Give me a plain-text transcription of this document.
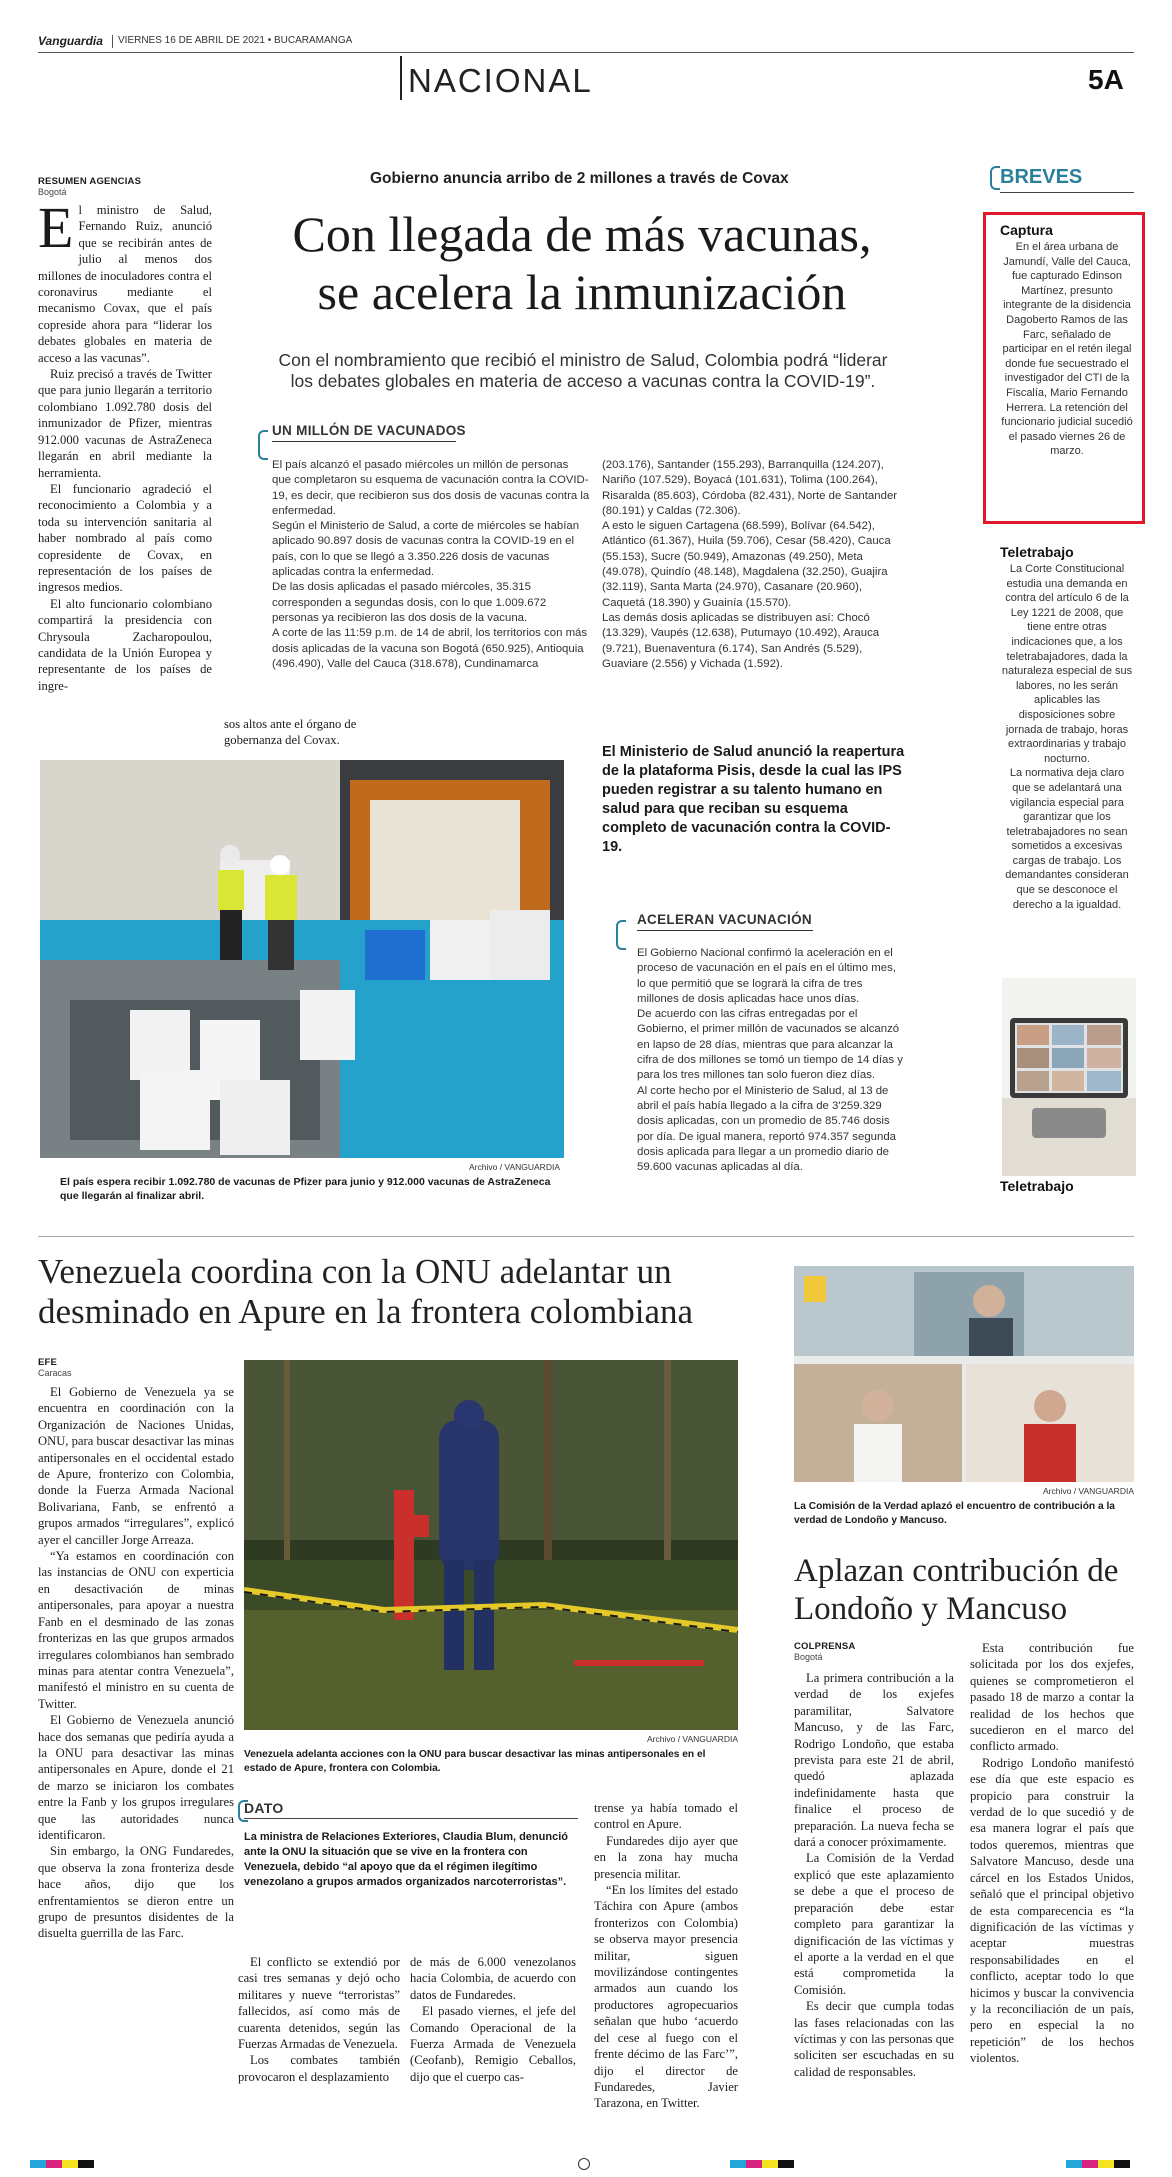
Vanguardia VIERNES 16 DE ABRIL DE 2021 • BUCARAMANGA
NACIONAL	5A
RESUMEN AGENCIAS
Bogotá
Gobierno anuncia arribo de 2 millones a través de Covax
Con llegada de más vacunas,
se acelera la inmunización
Con el nombramiento que recibió el ministro de Salud, Colombia podrá “liderar los debates globales en materia de acceso a vacunas contra la COVID-19”.
E l ministro de Salud, Fernando Ruiz, anunció que se recibirán antes de julio al menos dos millones de inoculadores contra el coronavirus mediante el mecanismo Covax, que el país copreside ahora para “liderar los debates globales en materia de acceso a las vacunas”.

Ruiz precisó a través de Twitter que para junio llegarán a territorio colombiano 1.092.780 dosis del inmunizador de Pfizer, mientras 912.000 vacunas de AstraZeneca llegarán en abril mediante la herramienta.

El funcionario agradeció el reconocimiento a Colombia y a toda su intervención sanitaria al haber nombrado al país como copresidente de Covax, en representación de los países de ingresos medios.

El alto funcionario colombiano compartirá la presidencia con Chrysoula Zacharopoulou, candidata de la Unión Europea y representante de los países de ingre-

sos altos ante el órgano de gobernanza del Covax.
UN MILLÓN DE VACUNADOS
El país alcanzó el pasado miércoles un millón de personas que completaron su esquema de vacunación contra la COVID-19, es decir, que recibieron sus dos dosis de vacunas contra la enfermedad.
Según el Ministerio de Salud, a corte de miércoles se habían aplicado 90.897 dosis de vacunas contra la COVID-19 en el país, con lo que se llegó a 3.350.226 dosis de vacunas aplicadas contra la enfermedad.
De las dosis aplicadas el pasado miércoles, 35.315 corresponden a segundas dosis, con lo que 1.009.672 personas ya recibieron las dos dosis de la vacuna.
A corte de las 11:59 p.m. de 14 de abril, los territorios con más dosis aplicadas de la vacuna son Bogotá (650.925), Antioquia (496.490), Valle del Cauca (318.678), Cundinamarca
(203.176), Santander (155.293), Barranquilla (124.207), Nariño (107.529), Boyacá (101.631), Tolima (100.264), Risaralda (85.603), Córdoba (82.431), Norte de Santander (80.191) y Caldas (72.306).
A esto le siguen Cartagena (68.599), Bolívar (64.542), Atlántico (61.367), Huila (59.706), Cesar (58.420), Cauca (55.153), Sucre (50.949), Amazonas (49.250), Meta (49.078), Quindío (48.148), Magdalena (32.250), Guajira (32.119), Santa Marta (24.970), Casanare (20.960), Caquetá (18.390) y Guainía (15.570).
Las demás dosis aplicadas se distribuyen así: Chocó (13.329), Vaupés (12.638), Putumayo (10.492), Arauca (9.721), Buenaventura (6.174), San Andrés (5.529), Guaviare (2.556) y Vichada (1.592).
Archivo / VANGUARDIA
El país espera recibir 1.092.780 de vacunas de Pfizer para junio y 912.000 vacunas de AstraZeneca que llegarán al finalizar abril.
El Ministerio de Salud anunció la reapertura de la plataforma Pisis, desde la cual las IPS pueden registrar a su talento humano en salud para que reciban su esquema completo de vacunación contra la COVID-19.
ACELERAN VACUNACIÓN
El Gobierno Nacional confirmó la aceleración en el proceso de vacunación en el país en el último mes, lo que permitió que se lograrä la cifra de tres millones de dosis aplicadas hace unos días.
De acuerdo con las cifras entregadas por el Gobierno, el primer millón de vacunados se alcanzó en lapso de 28 días, mientras que para alcanzar la cifra de dos millones se tomó un tiempo de 14 días y para los tres millones tan solo fueron diez días.
Al corte hecho por el Ministerio de Salud, al 13 de abril el país había llegado a la cifra de 3'259.329 dosis aplicadas, con un promedio de 85.746 dosis por día. De igual manera, reportó 974.357 segunda dosis aplicada para llegar a un promedio diario de 59.600 vacunas aplicadas al día.
BREVES
Captura
En el área urbana de Jamundí, Valle del Cauca, fue capturado Edinson Martínez, presunto integrante de la disidencia Dagoberto Ramos de las Farc, señalado de participar en el retén ilegal donde fue secuestrado el investigador del CTI de la Fiscalía, Mario Fernando Herrera. La retención del funcionario judicial sucedió el pasado viernes 26 de marzo.
Teletrabajo
La Corte Constitucional estudia una demanda en contra del artículo 6 de la Ley 1221 de 2008, que tiene entre otras indicaciones que, a los teletrabajadores, dada la naturaleza especial de sus labores, no les serán aplicables las disposiciones sobre jornada de trabajo, horas extraordinarias y trabajo nocturno.
La normativa deja claro que se adelantará una vigilancia especial para garantizar que los teletrabajadores no sean sometidos a excesivas cargas de trabajo. Los demandantes consideran que se desconoce el derecho a la igualdad.
Teletrabajo
Venezuela coordina con la ONU adelantar un
desminado en Apure en la frontera colombiana
EFE
Caracas

El Gobierno de Venezuela ya se encuentra en coordinación con la Organización de Naciones Unidas, ONU, para buscar desactivar las minas antipersonales en el occidental estado de Apure, fronterizo con Colombia, donde la Fuerza Armada Nacional Bolivariana, Fanb, se enfrentó a grupos armados “irregulares”, explicó ayer el canciller Jorge Arreaza.

“Ya estamos en coordinación con las instancias de ONU con experticia en desactivación de minas antipersonales, para apoyar a nuestra Fanb en el desminado de las zonas fronterizas en las que grupos armados irregulares colombianos han sembrado minas para atentar contra Venezuela”, manifestó el ministro en su cuenta de Twitter.

El Gobierno de Venezuela anunció hace dos semanas que pediría ayuda a la ONU para desactivar las minas antipersonales en Apure, donde el 21 de marzo se iniciaron los combates entre la Fanb y los grupos irregulares que las autoridades nunca identificaron.

Sin embargo, la ONG Fundaredes, que observa la zona fronteriza desde hace años, dijo que los enfrentamientos se dieron entre un grupo de presuntos disidentes de la disuelta guerrilla de las Farc.

Archivo / VANGUARDIA
Venezuela adelanta acciones con la ONU para buscar desactivar las minas antipersonales en el estado de Apure, frontera con Colombia.
DATO
La ministra de Relaciones Exteriores, Claudia Blum, denunció ante la ONU la situación que se vive en la frontera con Venezuela, debido “al apoyo que da el régimen ilegítimo venezolano a grupos armados organizados narcoterroristas”.

El conflicto se extendió por casi tres semanas y dejó ocho militares y nueve “terroristas” fallecidos, así como más de cuarenta detenidos, según las Fuerzas Armadas de Venezuela.

Los combates también provocaron el desplazamiento

de más de 6.000 venezolanos hacia Colombia, de acuerdo con datos de Fundaredes.

El pasado viernes, el jefe del Comando Operacional de la Fuerza Armada de Venezuela (Ceofanb), Remigio Ceballos, dijo que el cuerpo cas-

trense ya había tomado el control en Apure.

Fundaredes dijo ayer que en la zona hay mucha presencia militar.

“En los límites del estado Táchira con Apure (ambos fronterizos con Colombia) se observa mayor presencia militar, siguen movilizándose contingentes armados aun cuando los productores agropecuarios señalan que hubo ‘acuerdo del cese al fuego con el frente décimo de las Farc’”, dijo el director de Fundaredes, Javier Tarazona, en Twitter.

Archivo / VANGUARDIA
La Comisión de la Verdad aplazó el encuentro de contribución a la verdad de Londoño y Mancuso.
Aplazan contribución de
Londoño y Mancuso
COLPRENSA
Bogotá

La primera contribución a la verdad de los exjefes paramilitar, Salvatore Mancuso, y de las Farc, Rodrigo Londoño, que estaba prevista para este 21 de abril, quedó aplazada indefinidamente hasta que finalice el proceso de preparación. La nueva fecha se dará a conocer próximamente.

La Comisión de la Verdad explicó que este aplazamiento se debe a que el proceso de preparación debe estar completo para garantizar la dignificación de las víctimas y el aporte a la verdad en el que está comprometida la Comisión.

Es decir que cumpla todas las fases relacionadas con las víctimas y con las personas que soliciten ser escuchadas en su calidad de responsables.

Esta contribución fue solicitada por los dos exjefes, quienes se comprometieron el pasado 18 de marzo a contar la realidad de los hechos que sucedieron en el marco del conflicto armado.

Rodrigo Londoño manifestó ese día que este espacio es propicio para construir la verdad de lo que sucedió y de esa manera lograr el país que todos queremos, mientras que Salvatore Mancuso, desde una cárcel en los Estados Unidos, señaló que el principal objetivo de esta comparecencia es “la dignificación de las víctimas y aceptar muestras responsabilidades en el conflicto, aceptar todo lo que hicimos y buscar la convivencia y la reconciliación de un país, pero en especial la no repetición” de los hechos violentos.
